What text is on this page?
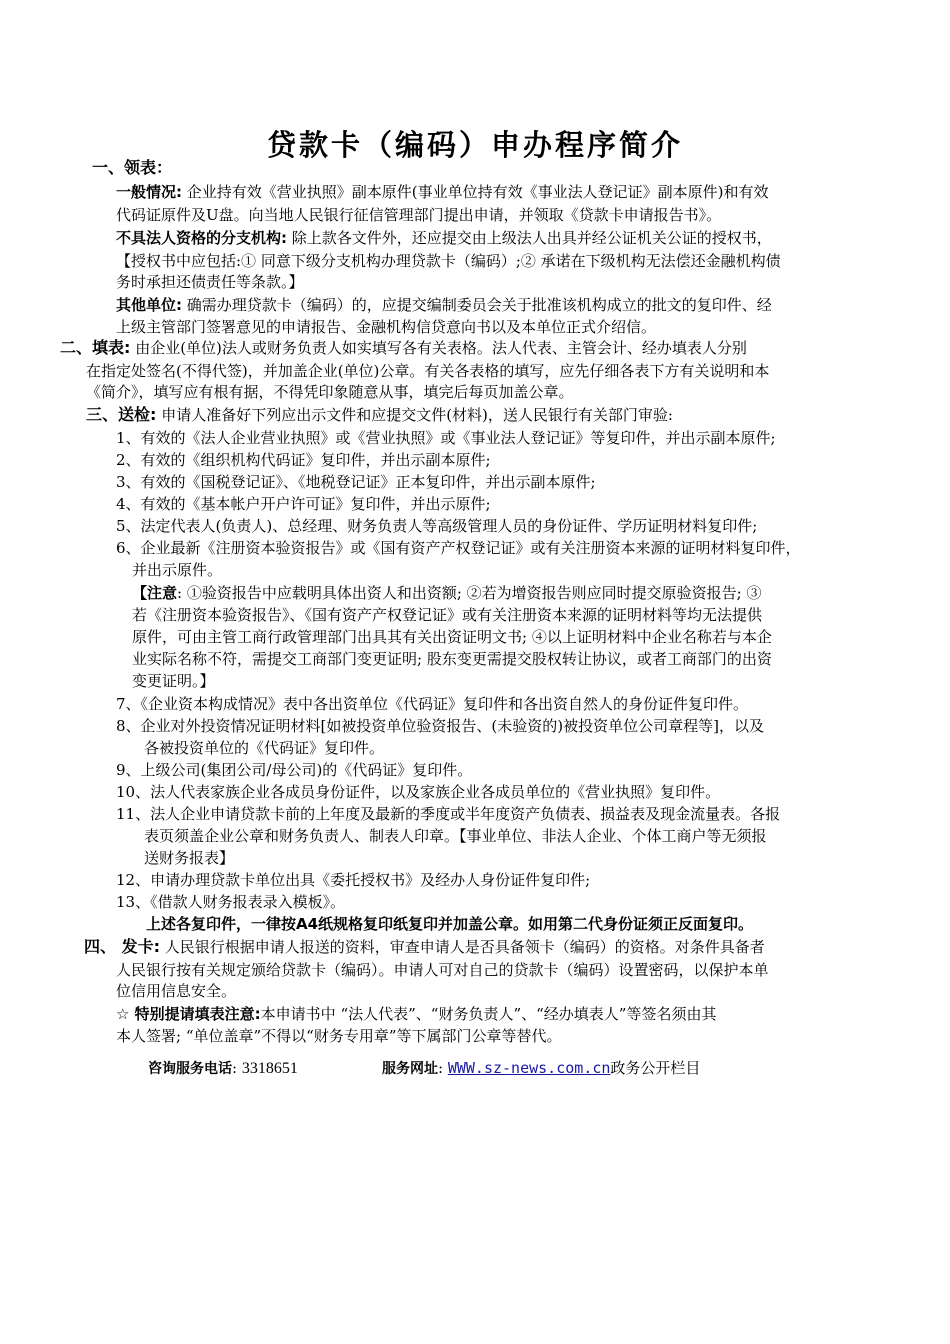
贷款卡（编码）申办程序简介
一、领表：
一般情况: 企业持有效《营业执照》副本原件(事业单位持有效《事业法人登记证》副本原件)和有效
代码证原件及U盘。向当地人民银行征信管理部门提出申请，并领取《贷款卡申请报告书》。
不具法人资格的分支机构: 除上款各文件外，还应提交由上级法人出具并经公证机关公证的授权书，
【授权书中应包括:① 同意下级分支机构办理贷款卡（编码）;② 承诺在下级机构无法偿还金融机构债
务时承担还债责任等条款。】
其他单位: 确需办理贷款卡（编码）的，应提交编制委员会关于批准该机构成立的批文的复印件、经
上级主管部门签署意见的申请报告、金融机构信贷意向书以及本单位正式介绍信。
二、填表: 由企业(单位)法人或财务负责人如实填写各有关表格。法人代表、主管会计、经办填表人分别
在指定处签名(不得代签)，并加盖企业(单位)公章。有关各表格的填写，应先仔细各表下方有关说明和本
《简介》，填写应有根有据，不得凭印象随意从事，填完后每页加盖公章。
三、送检: 申请人准备好下列应出示文件和应提交文件(材料)，送人民银行有关部门审验:
1、有效的《法人企业营业执照》或《营业执照》或《事业法人登记证》等复印件，并出示副本原件;
2、有效的《组织机构代码证》复印件，并出示副本原件;
3、有效的《国税登记证》、《地税登记证》正本复印件，并出示副本原件;
4、有效的《基本帐户开户许可证》复印件，并出示原件;
5、法定代表人(负责人)、总经理、财务负责人等高级管理人员的身份证件、学历证明材料复印件;
6、企业最新《注册资本验资报告》或《国有资产产权登记证》或有关注册资本来源的证明材料复印件，
并出示原件。
【注意: ①验资报告中应载明具体出资人和出资额; ②若为增资报告则应同时提交原验资报告; ③
若《注册资本验资报告》、《国有资产产权登记证》或有关注册资本来源的证明材料等均无法提供
原件，可由主管工商行政管理部门出具其有关出资证明文书; ④以上证明材料中企业名称若与本企
业实际名称不符，需提交工商部门变更证明; 股东变更需提交股权转让协议，或者工商部门的出资
变更证明。】
7、《企业资本构成情况》表中各出资单位《代码证》复印件和各出资自然人的身份证件复印件。
8、企业对外投资情况证明材料[如被投资单位验资报告、(未验资的)被投资单位公司章程等]，以及
各被投资单位的《代码证》复印件。
9、上级公司(集团公司/母公司)的《代码证》复印件。
10、法人代表家族企业各成员身份证件，以及家族企业各成员单位的《营业执照》复印件。
11、法人企业申请贷款卡前的上年度及最新的季度或半年度资产负债表、损益表及现金流量表。各报
表页须盖企业公章和财务负责人、制表人印章。【事业单位、非法人企业、个体工商户等无须报
送财务报表】
12、申请办理贷款卡单位出具《委托授权书》及经办人身份证件复印件;
13、《借款人财务报表录入模板》。
上述各复印件，一律按A4纸规格复印纸复印并加盖公章。如用第二代身份证须正反面复印。
四、 发卡: 人民银行根据申请人报送的资料，审查申请人是否具备领卡（编码）的资格。对条件具备者
人民银行按有关规定颁给贷款卡（编码）。申请人可对自己的贷款卡（编码）设置密码，以保护本单
位信用信息安全。
☆ 特别提请填表注意:本申请书中 “法人代表”、“财务负责人”、“经办填表人”等签名须由其
本人签署; “单位盖章”不得以“财务专用章”等下属部门公章等替代。
咨询服务电话: 3318651	服务网址: WWW.sz-news.com.cn政务公开栏目
